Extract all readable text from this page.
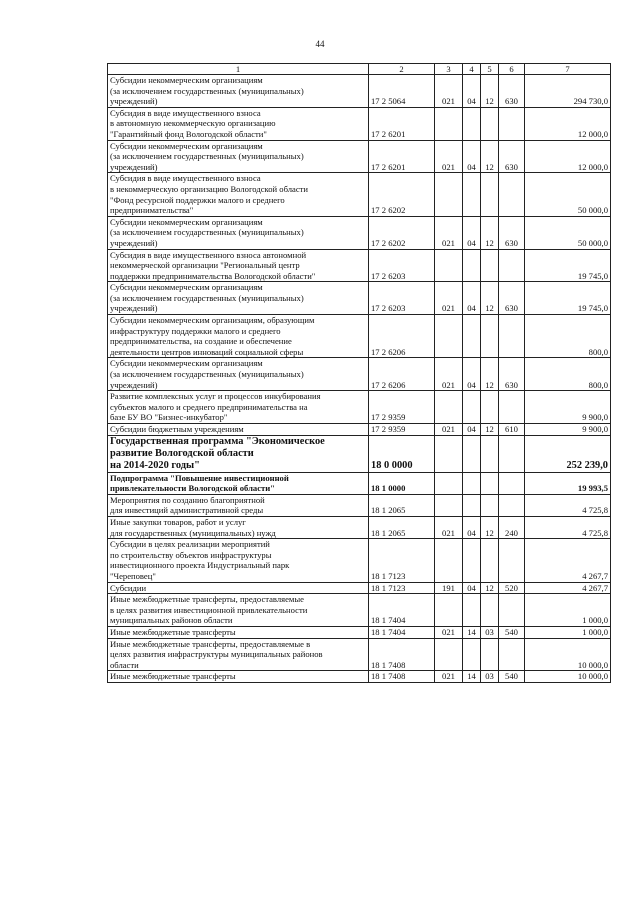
44
1	2	3	4	5	6	7

Субсидии некоммерческим организациям
(за исключением государственных (муниципальных)
учреждений)	17 2 5064	021	04	12	630	294 730,0

Субсидия в виде имущественного взноса
в автономную некоммерческую организацию
"Гарантийный фонд Вологодской области"	17 2 6201					12 000,0

Субсидии некоммерческим организациям
(за исключением государственных (муниципальных)
учреждений)	17 2 6201	021	04	12	630	12 000,0

Субсидия в виде имущественного взноса
в некоммерческую организацию Вологодской области
"Фонд ресурсной поддержки малого и среднего
предпринимательства"	17 2 6202					50 000,0

Субсидии некоммерческим организациям
(за исключением государственных (муниципальных)
учреждений)	17 2 6202	021	04	12	630	50 000,0

Субсидия в виде имущественного взноса автономной
некоммерческой организации "Региональный центр
поддержки предпринимательства Вологодской области"	17 2 6203					19 745,0

Субсидии некоммерческим организациям
(за исключением государственных (муниципальных)
учреждений)	17 2 6203	021	04	12	630	19 745,0

Субсидии некоммерческим организациям, образующим
инфраструктуру поддержки малого и среднего
предпринимательства, на создание и обеспечение
деятельности центров инноваций социальной сферы	17 2 6206					800,0

Субсидии некоммерческим организациям
(за исключением государственных (муниципальных)
учреждений)	17 2 6206	021	04	12	630	800,0

Развитие комплексных услуг и процессов инкубирования
субъектов малого и среднего предпринимательства на
базе БУ ВО "Бизнес-инкубатор"	17 2 9359					9 900,0

Субсидии бюджетным учреждениям	17 2 9359	021	04	12	610	9 900,0

Государственная программа "Экономическое
развитие Вологодской области
на 2014-2020 годы"	18 0 0000					252 239,0

Подпрограмма "Повышение инвестиционной
привлекательности Вологодской области"	18 1 0000					19 993,5

Мероприятия по созданию благоприятной
для инвестиций административной среды	18 1 2065					4 725,8

Иные закупки товаров, работ и услуг
для государственных (муниципальных) нужд	18 1 2065	021	04	12	240	4 725,8

Субсидии в целях реализации мероприятий
по строительству объектов инфраструктуры
инвестиционного проекта Индустриальный парк
"Череповец"	18 1 7123					4 267,7

Субсидии	18 1 7123	191	04	12	520	4 267,7

Иные межбюджетные трансферты, предоставляемые
в целях развития инвестиционной привлекательности
муниципальных районов области	18 1 7404					1 000,0

Иные межбюджетные трансферты	18 1 7404	021	14	03	540	1 000,0

Иные межбюджетные трансферты, предоставляемые в
целях развития инфраструктуры муниципальных районов
области	18 1 7408					10 000,0

Иные межбюджетные трансферты	18 1 7408	021	14	03	540	10 000,0
